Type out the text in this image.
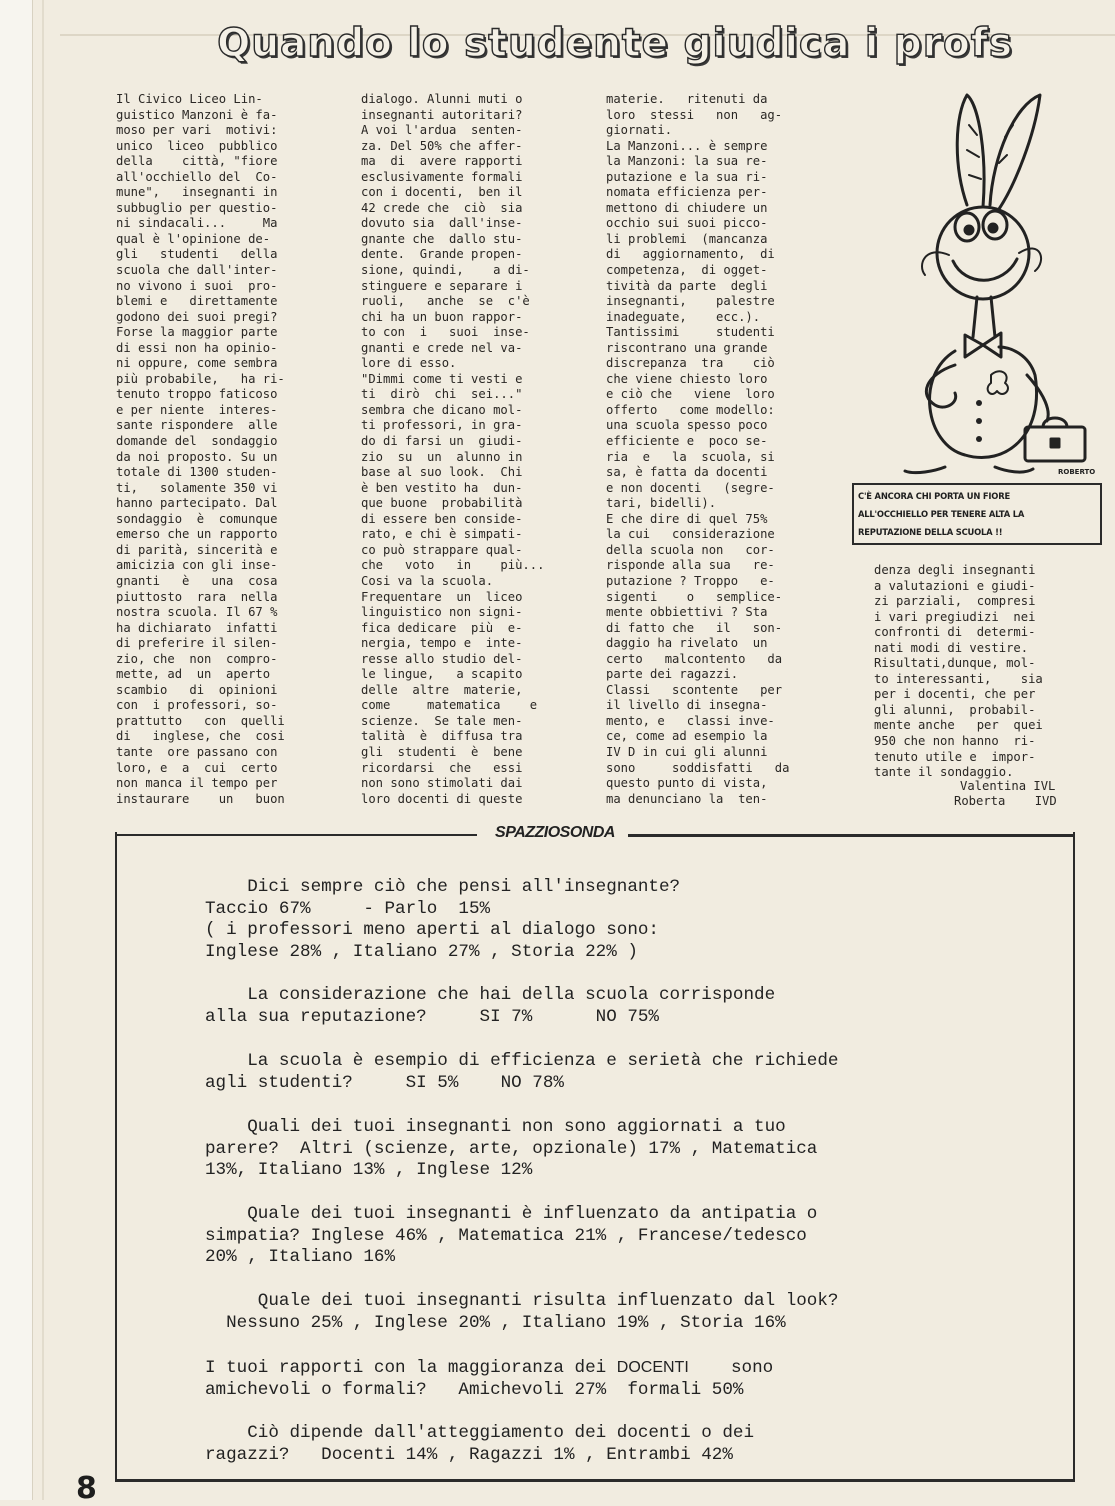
Quando lo studente giudica i profs
Il Civico Liceo Lin-
guistico Manzoni è fa-
moso per vari  motivi:
unico  liceo  pubblico
della    città, "fiore
all'occhiello del  Co-
mune",   insegnanti in
subbuglio per questio-
ni sindacali...     Ma
qual è l'opinione de-
gli   studenti   della
scuola che dall'inter-
no vivono i suoi  pro-
blemi e   direttamente
godono dei suoi pregi?
Forse la maggior parte
di essi non ha opinio-
ni oppure, come sembra
più probabile,   ha ri-
tenuto troppo faticoso
e per niente  interes-
sante rispondere  alle
domande del  sondaggio
da noi proposto. Su un
totale di 1300 studen-
ti,   solamente 350 vi
hanno partecipato. Dal
sondaggio  è  comunque
emerso che un rapporto
di parità, sincerità e
amicizia con gli inse-
gnanti   è   una  cosa
piuttosto  rara  nella
nostra scuola. Il 67 %
ha dichiarato  infatti
di preferire il silen-
zio, che  non  compro-
mette, ad  un  aperto
scambio   di  opinioni
con  i professori, so-
prattutto   con  quelli
di   inglese, che  cosi
tante  ore passano con
loro, e  a  cui  certo
non manca il tempo per
instaurare    un   buon
dialogo. Alunni muti o
insegnanti autoritari?
A voi l'ardua  senten-
za. Del 50% che affer-
ma  di  avere rapporti
esclusivamente formali
con i docenti,  ben il
42 crede che  ciò  sia
dovuto sia  dall'inse-
gnante che  dallo stu-
dente.  Grande propen-
sione, quindi,    a di-
stinguere e separare i
ruoli,   anche  se  c'è
chi ha un buon rappor-
to con  i   suoi  inse-
gnanti e crede nel va-
lore di esso.
"Dimmi come ti vesti e
ti  dirò  chi  sei..."
sembra che dicano mol-
ti professori, in gra-
do di farsi un  giudi-
zio  su  un  alunno in
base al suo look.  Chi
è ben vestito ha  dun-
que buone  probabilità
di essere ben conside-
rato, e chi è simpati-
co può strappare qual-
che   voto   in    più...
Cosi va la scuola.
Frequentare  un  liceo
linguistico non signi-
fica dedicare  più  e-
nergia, tempo e  inte-
resse allo studio del-
le lingue,   a scapito
delle  altre  materie,
come     matematica    e
scienze.  Se tale men-
talità  è  diffusa tra
gli  studenti  è  bene
ricordarsi  che   essi
non sono stimolati dai
loro docenti di queste
materie.   ritenuti da
loro  stessi   non   ag-
giornati.
La Manzoni... è sempre
la Manzoni: la sua re-
putazione e la sua ri-
nomata efficienza per-
mettono di chiudere un
occhio sui suoi picco-
li problemi  (mancanza
di   aggiornamento,  di
competenza,  di ogget-
tività da parte  degli
insegnanti,    palestre
inadeguate,    ecc.).
Tantissimi     studenti
riscontrano una grande
discrepanza  tra    ciò
che viene chiesto loro
e ciò che   viene  loro
offerto   come modello:
una scuola spesso poco
efficiente e  poco se-
ria  e   la  scuola, si
sa, è fatta da docenti
e non docenti   (segre-
tari, bidelli).
E che dire di quel 75%
la cui   considerazione
della scuola non   cor-
risponde alla sua   re-
putazione ? Troppo   e-
sigenti    o   semplice-
mente obbiettivi ? Sta
di fatto che   il   son-
daggio ha rivelato  un
certo   malcontento   da
parte dei ragazzi.
Classi   scontente   per
il livello di insegna-
mento, e   classi inve-
ce, come ad esempio la
IV D in cui gli alunni
sono     soddisfatti   da
questo punto di vista,
ma denunciano la  ten-
denza degli insegnanti
a valutazioni e giudi-
zi parziali,  compresi
i vari pregiudizi  nei
confronti di  determi-
nati modi di vestire.
Risultati,dunque, mol-
to interessanti,    sia
per i docenti, che per
gli alunni,  probabil-
mente anche   per  quei
950 che non hanno  ri-
tenuto utile e  impor-
tante il sondaggio.
Valentina IVL
Roberta    IVD
ROBERTO
C'È ANCORA CHI PORTA UN FIORE
ALL'OCCHIELLO PER TENERE ALTA LA
REPUTAZIONE DELLA SCUOLA !!
SPAZZIOSONDA
Dici sempre ciò che pensi all'insegnante?
Taccio 67%     - Parlo  15%
( i professori meno aperti al dialogo sono:
Inglese 28% , Italiano 27% , Storia 22% )
La considerazione che hai della scuola corrisponde
alla sua reputazione?     SI 7%      NO 75%
La scuola è esempio di efficienza e serietà che richiede
agli studenti?     SI 5%    NO 78%
Quali dei tuoi insegnanti non sono aggiornati a tuo
parere?  Altri (scienze, arte, opzionale) 17% , Matematica
13%, Italiano 13% , Inglese 12%
Quale dei tuoi insegnanti è influenzato da antipatia o
simpatia? Inglese 46% , Matematica 21% , Francese/tedesco
20% , Italiano 16%
Quale dei tuoi insegnanti risulta influenzato dal look?
Nessuno 25% , Inglese 20% , Italiano 19% , Storia 16%
I tuoi rapporti con la maggioranza dei DOCENTI    sono
amichevoli o formali?   Amichevoli 27%  formali 50%
Ciò dipende dall'atteggiamento dei docenti o dei
ragazzi?   Docenti 14% , Ragazzi 1% , Entrambi 42%
8
